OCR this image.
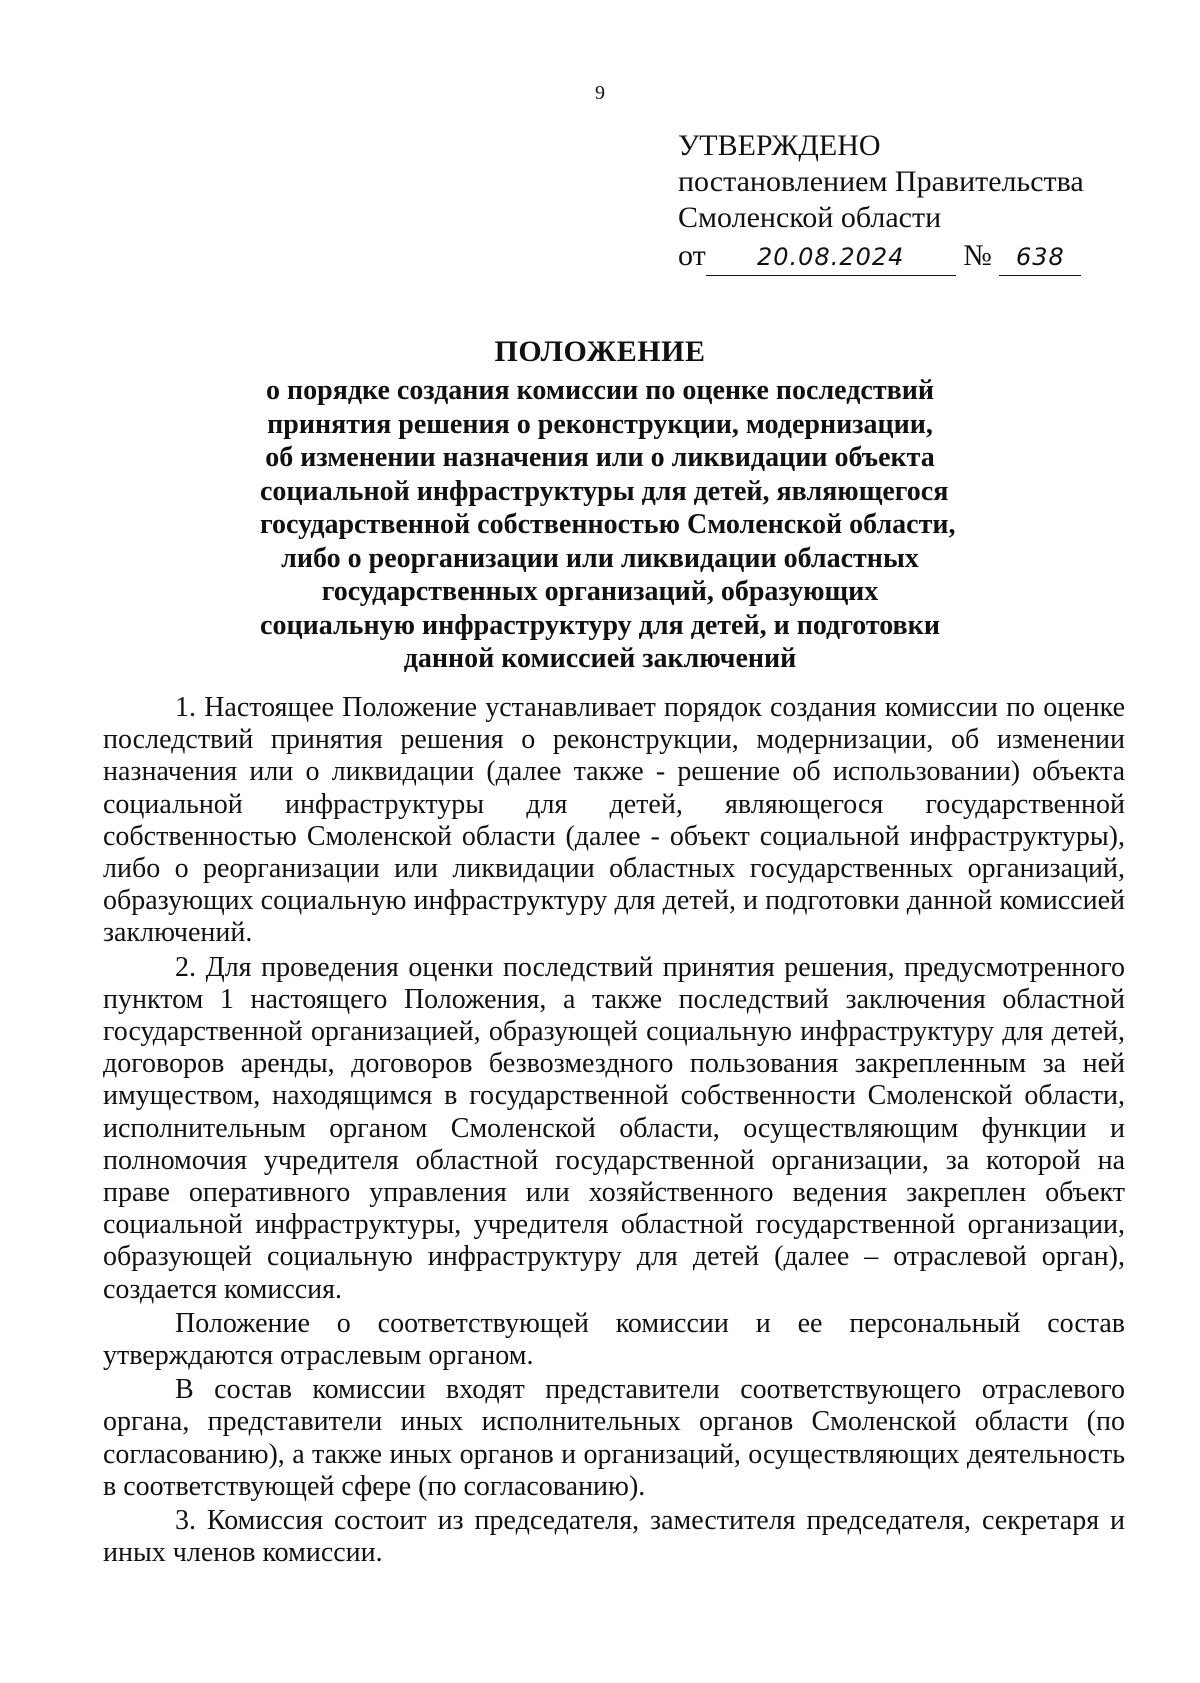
9
УТВЕРЖДЕНО
постановлением Правительства
Смоленской области
от 20.08.2024 № 638
ПОЛОЖЕНИЕ
о порядке создания комиссии по оценке последствий
принятия решения о реконструкции, модернизации,
об изменении назначения или о ликвидации объекта
социальной инфраструктуры для детей, являющегося
государственной собственностью Смоленской области,
либо о реорганизации или ликвидации областных
государственных организаций, образующих
социальную инфраструктуру для детей, и подготовки
данной комиссией заключений

1. Настоящее Положение устанавливает порядок создания комиссии по оценке последствий принятия решения о реконструкции, модернизации, об изменении назначения или о ликвидации (далее также - решение об использовании) объекта социальной инфраструктуры для детей, являющегося государственной собственностью Смоленской области (далее - объект социальной инфраструктуры), либо о реорганизации или ликвидации областных государственных организаций, образующих социальную инфраструктуру для детей, и подготовки данной комиссией заключений.

2. Для проведения оценки последствий принятия решения, предусмотренного пунктом 1 настоящего Положения, а также последствий заключения областной государственной организацией, образующей социальную инфраструктуру для детей, договоров аренды, договоров безвозмездного пользования закрепленным за ней имуществом, находящимся в государственной собственности Смоленской области, исполнительным органом Смоленской области, осуществляющим функции и полномочия учредителя областной государственной организации, за которой на праве оперативного управления или хозяйственного ведения закреплен объект социальной инфраструктуры, учредителя областной государственной организации, образующей социальную инфраструктуру для детей (далее – отраслевой орган), создается комиссия.

Положение о соответствующей комиссии и ее персональный состав утверждаются отраслевым органом.

В состав комиссии входят представители соответствующего отраслевого органа, представители иных исполнительных органов Смоленской области (по согласованию), а также иных органов и организаций, осуществляющих деятельность в соответствующей сфере (по согласованию).

3. Комиссия состоит из председателя, заместителя председателя, секретаря и иных членов комиссии.
